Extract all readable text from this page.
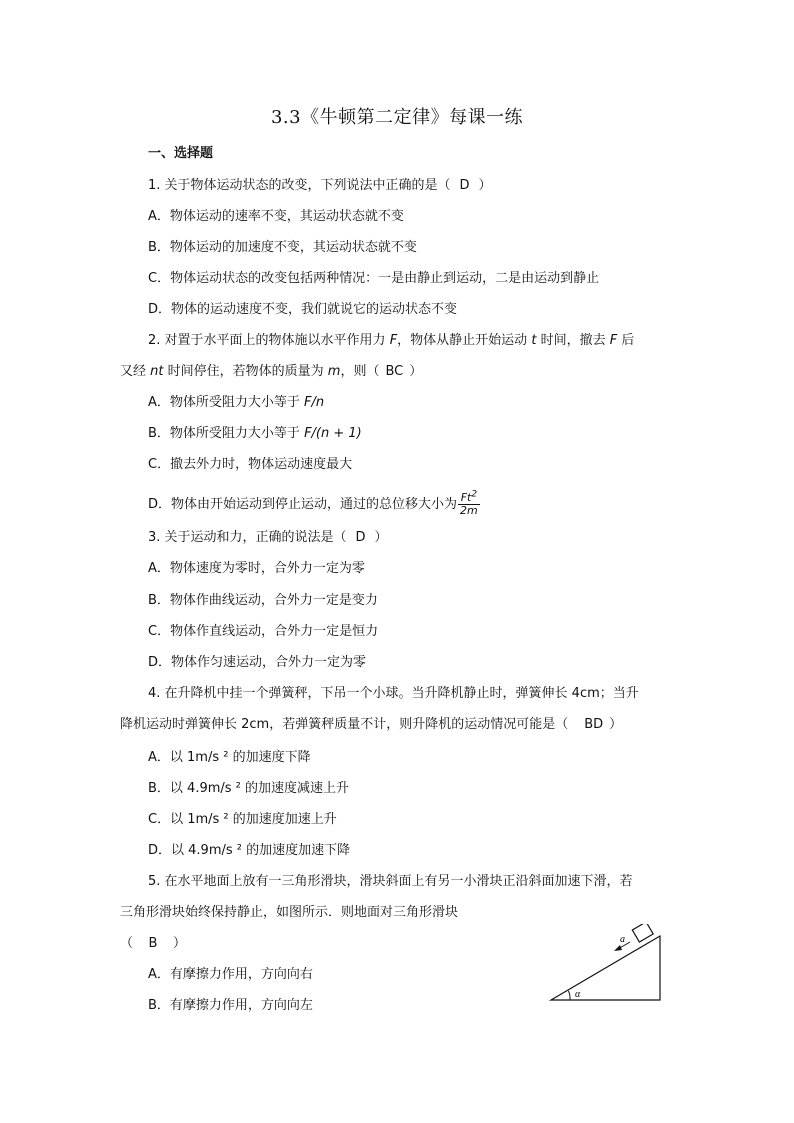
3.3《牛顿第二定律》每课一练
一、选择题
1. 关于物体运动状态的改变，下列说法中正确的是（ D ）
A．物体运动的速率不变，其运动状态就不变
B．物体运动的加速度不变，其运动状态就不变
C．物体运动状态的改变包括两种情况：一是由静止到运动，二是由运动到静止
D．物体的运动速度不变，我们就说它的运动状态不变
2. 对置于水平面上的物体施以水平作用力 F，物体从静止开始运动 t 时间，撤去 F 后
又经 nt 时间停住，若物体的质量为 m，则（ BC ）
A．物体所受阻力大小等于 F/n
B．物体所受阻力大小等于 F/(n + 1)
C．撤去外力时，物体运动速度最大
D．物体由开始运动到停止运动，通过的总位移大小为 $\frac{Ft^2}{2m}$
3. 关于运动和力，正确的说法是（ D ）
A．物体速度为零时，合外力一定为零
B．物体作曲线运动，合外力一定是变力
C．物体作直线运动，合外力一定是恒力
D．物体作匀速运动，合外力一定为零
4. 在升降机中挂一个弹簧秤，下吊一个小球。当升降机静止时，弹簧伸长 4cm；当升
降机运动时弹簧伸长 2cm，若弹簧秤质量不计，则升降机的运动情况可能是（ BD ）
A．以 1m/s ² 的加速度下降
B．以 4.9m/s ² 的加速度减速上升
C．以 1m/s ² 的加速度加速上升
D．以 4.9m/s ² 的加速度加速下降
5. 在水平地面上放有一三角形滑块，滑块斜面上有另一小滑块正沿斜面加速下滑，若
三角形滑块始终保持静止，如图所示．则地面对三角形滑块
（ B ）
A．有摩擦力作用，方向向右
B．有摩擦力作用，方向向左
a
α
